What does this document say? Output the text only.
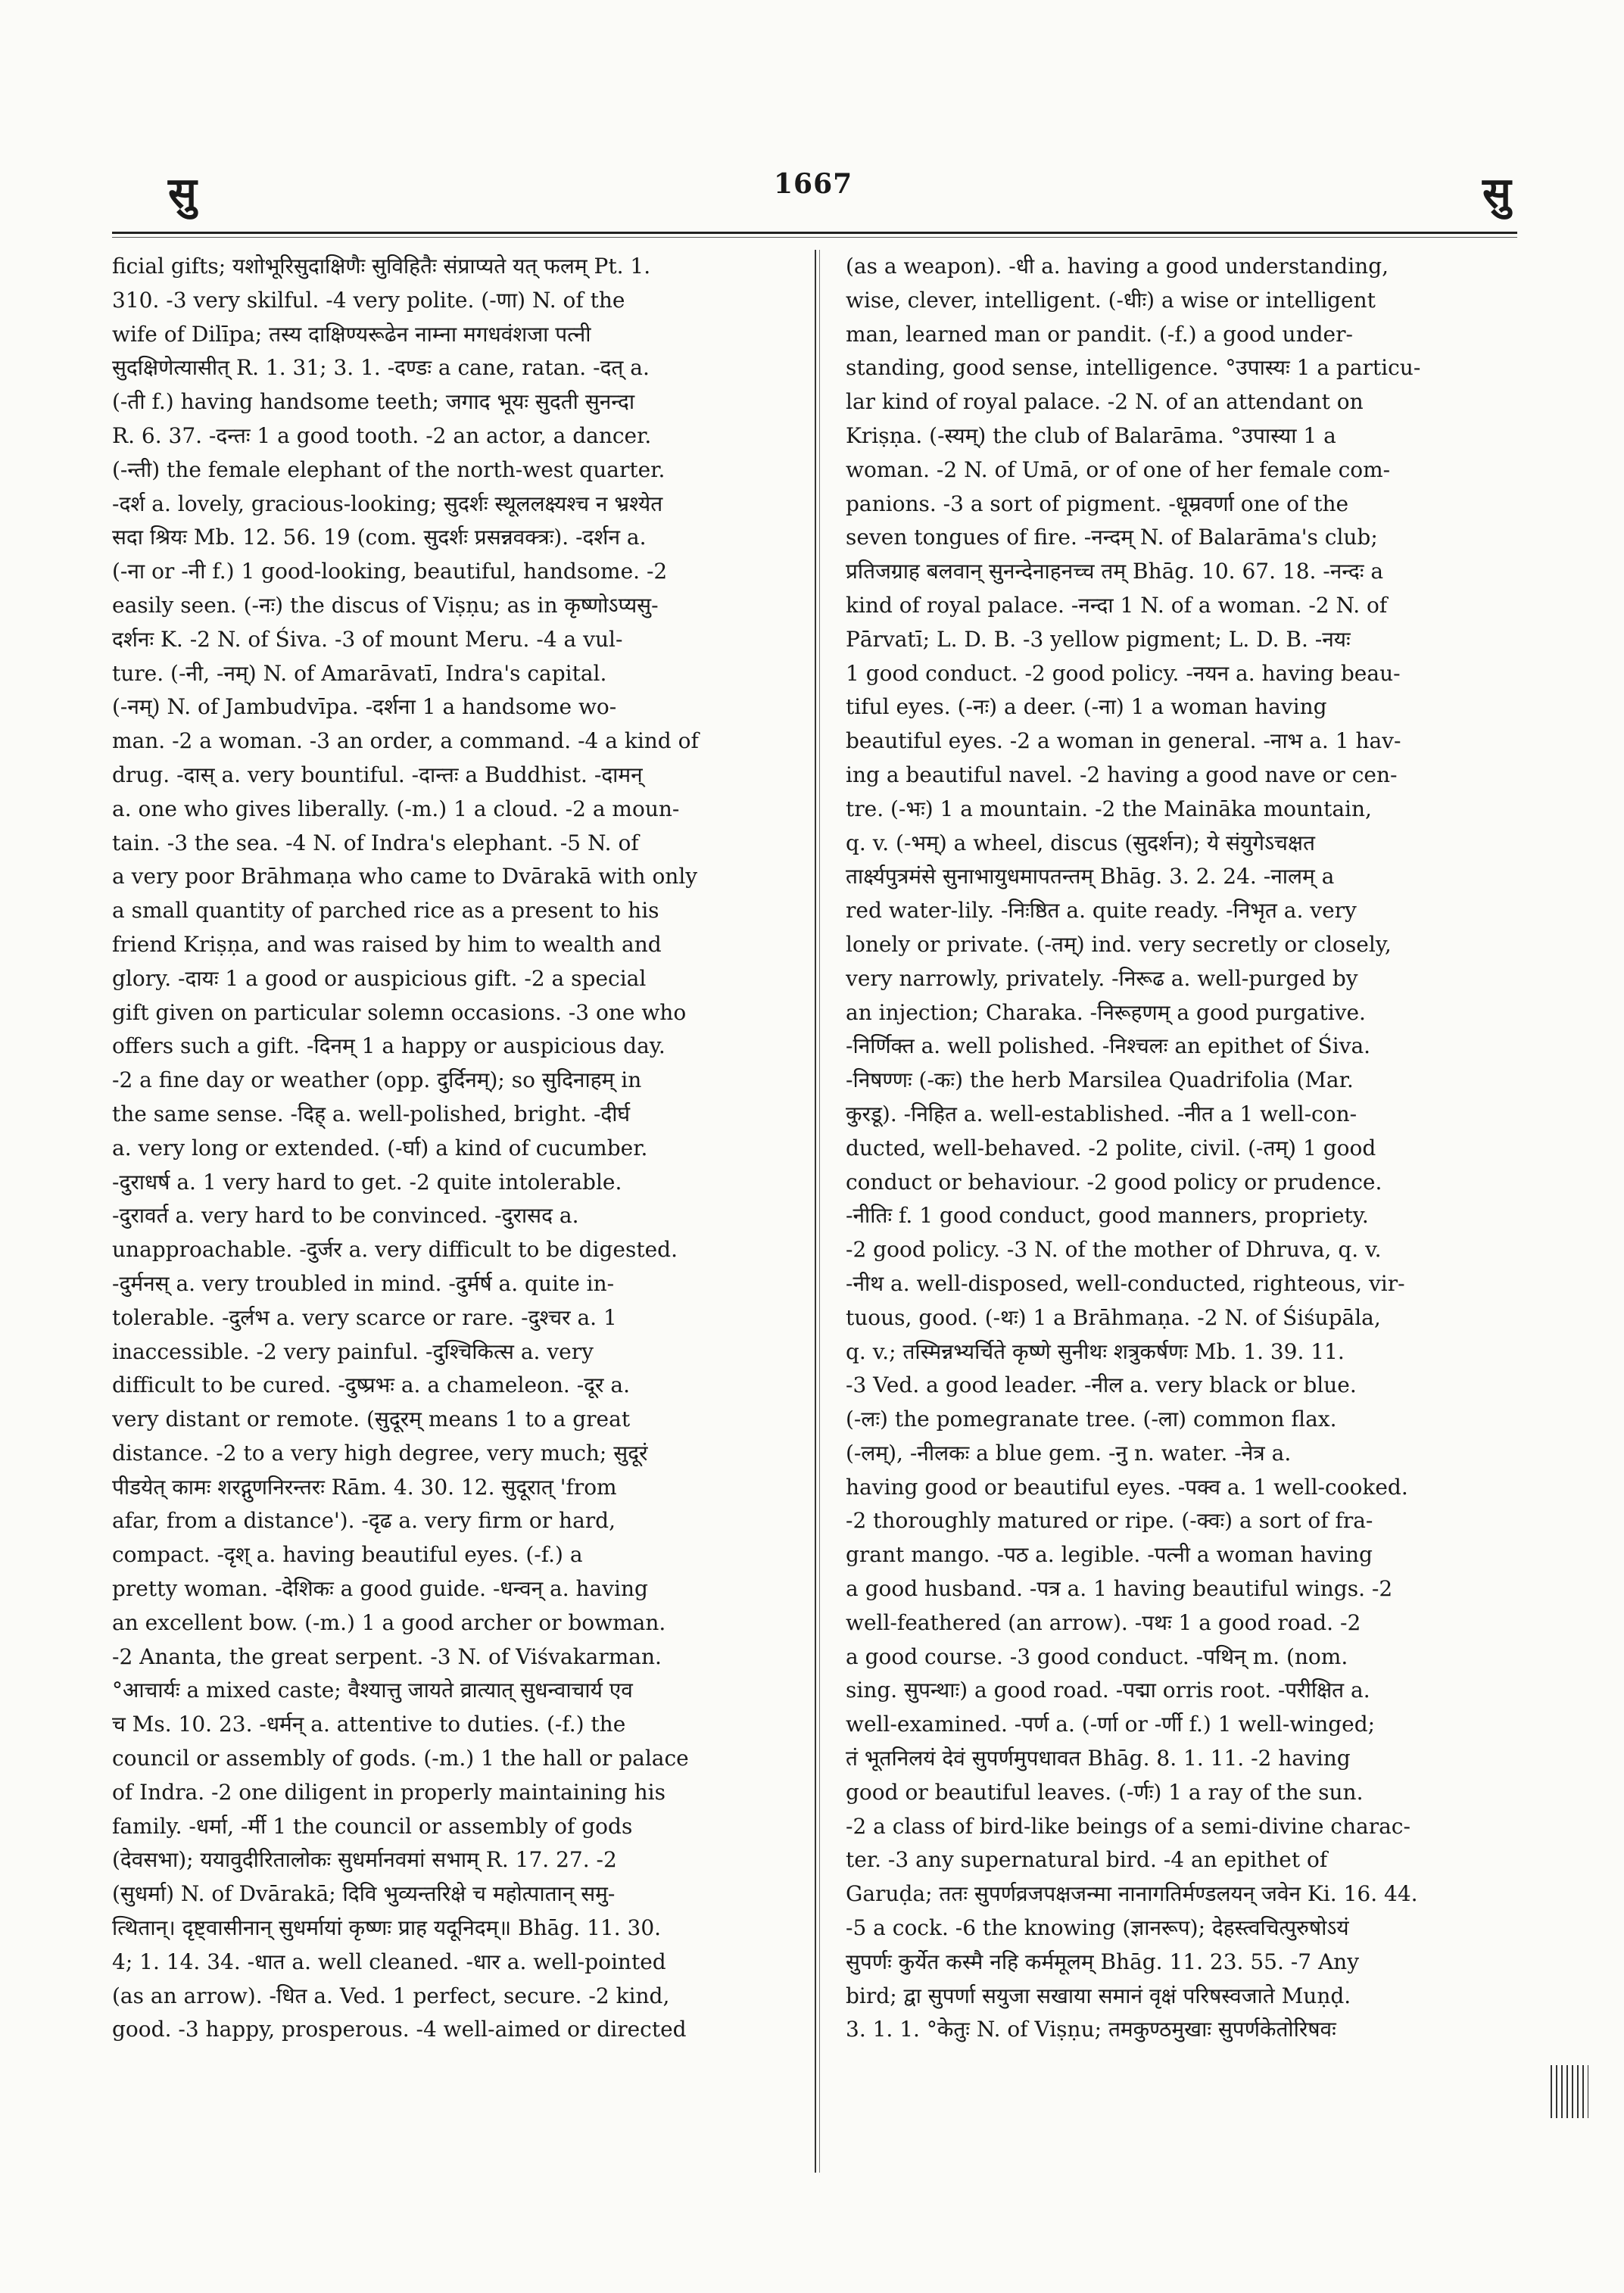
सु	1667	सु
ficial gifts; यशोभूरिसुदाक्षिणैः सुविहितैः संप्राप्यते यत् फलम् Pt. 1.
310. -3 very skilful. -4 very polite. (-णा) N. of the
wife of Dilīpa; तस्य दाक्षिण्यरूढेन नाम्ना मगधवंशजा पत्नी
सुदक्षिणेत्यासीत् R. 1. 31; 3. 1. -दण्डः a cane, ratan. -दत् a.
(-ती f.) having handsome teeth; जगाद भूयः सुदती सुनन्दा
R. 6. 37. -दन्तः 1 a good tooth. -2 an actor, a dancer.
(-न्ती) the female elephant of the north-west quarter.
-दर्श a. lovely, gracious-looking; सुदर्शः स्थूललक्ष्यश्च न भ्रश्येत
सदा श्रियः Mb. 12. 56. 19 (com. सुदर्शः प्रसन्नवक्त्रः). -दर्शन a.
(-ना or -नी f.) 1 good-looking, beautiful, handsome. -2
easily seen. (-नः) the discus of Viṣṇu; as in कृष्णोऽप्यसु-
दर्शनः K. -2 N. of Śiva. -3 of mount Meru. -4 a vul-
ture. (-नी, -नम्) N. of Amarāvatī, Indra's capital.
(-नम्) N. of Jambudvīpa. -दर्शना 1 a handsome wo-
man. -2 a woman. -3 an order, a command. -4 a kind of
drug. -दास् a. very bountiful. -दान्तः a Buddhist. -दामन्
a. one who gives liberally. (-m.) 1 a cloud. -2 a moun-
tain. -3 the sea. -4 N. of Indra's elephant. -5 N. of
a very poor Brāhmaṇa who came to Dvārakā with only
a small quantity of parched rice as a present to his
friend Kriṣṇa, and was raised by him to wealth and
glory. -दायः 1 a good or auspicious gift. -2 a special
gift given on particular solemn occasions. -3 one who
offers such a gift. -दिनम् 1 a happy or auspicious day.
-2 a fine day or weather (opp. दुर्दिनम्); so सुदिनाहम् in
the same sense. -दिह् a. well-polished, bright. -दीर्घ
a. very long or extended. (-र्घा) a kind of cucumber.
-दुराधर्ष a. 1 very hard to get. -2 quite intolerable.
-दुरावर्त a. very hard to be convinced. -दुरासद a.
unapproachable. -दुर्जर a. very difficult to be digested.
-दुर्मनस् a. very troubled in mind. -दुर्मर्ष a. quite in-
tolerable. -दुर्लभ a. very scarce or rare. -दुश्चर a. 1
inaccessible. -2 very painful. -दुश्चिकित्स a. very
difficult to be cured. -दुष्प्रभः a. a chameleon. -दूर a.
very distant or remote. (सुदूरम् means 1 to a great
distance. -2 to a very high degree, very much; सुदूरं
पीडयेत् कामः शरद्गुणनिरन्तरः Rām. 4. 30. 12. सुदूरात् 'from
afar, from a distance'). -दृढ a. very firm or hard,
compact. -दृश् a. having beautiful eyes. (-f.) a
pretty woman. -देशिकः a good guide. -धन्वन् a. having
an excellent bow. (-m.) 1 a good archer or bowman.
-2 Ananta, the great serpent. -3 N. of Viśvakarman.
°आचार्यः a mixed caste; वैश्यात्तु जायते व्रात्यात् सुधन्वाचार्य एव
च Ms. 10. 23. -धर्मन् a. attentive to duties. (-f.) the
council or assembly of gods. (-m.) 1 the hall or palace
of Indra. -2 one diligent in properly maintaining his
family. -धर्मा, -र्मी 1 the council or assembly of gods
(देवसभा); ययावुदीरितालोकः सुधर्मानवमां सभाम् R. 17. 27. -2
(सुधर्मा) N. of Dvārakā; दिवि भुव्यन्तरिक्षे च महोत्पातान् समु-
त्थितान्। दृष्ट्वासीनान् सुधर्मायां कृष्णः प्राह यदूनिदम्॥ Bhāg. 11. 30.
4; 1. 14. 34. -धात a. well cleaned. -धार a. well-pointed
(as an arrow). -धित a. Ved. 1 perfect, secure. -2 kind,
good. -3 happy, prosperous. -4 well-aimed or directed
(as a weapon). -धी a. having a good understanding,
wise, clever, intelligent. (-धीः) a wise or intelligent
man, learned man or pandit. (-f.) a good under-
standing, good sense, intelligence. °उपास्यः 1 a particu-
lar kind of royal palace. -2 N. of an attendant on
Kriṣṇa. (-स्यम्) the club of Balarāma. °उपास्या 1 a
woman. -2 N. of Umā, or of one of her female com-
panions. -3 a sort of pigment. -धूम्रवर्णा one of the
seven tongues of fire. -नन्दम् N. of Balarāma's club;
प्रतिजग्राह बलवान् सुनन्देनाहनच्च तम् Bhāg. 10. 67. 18. -नन्दः a
kind of royal palace. -नन्दा 1 N. of a woman. -2 N. of
Pārvatī; L. D. B. -3 yellow pigment; L. D. B. -नयः
1 good conduct. -2 good policy. -नयन a. having beau-
tiful eyes. (-नः) a deer. (-ना) 1 a woman having
beautiful eyes. -2 a woman in general. -नाभ a. 1 hav-
ing a beautiful navel. -2 having a good nave or cen-
tre. (-भः) 1 a mountain. -2 the Maināka mountain,
q. v. (-भम्) a wheel, discus (सुदर्शन); ये संयुगेऽचक्षत
तार्क्ष्यपुत्रमंसे सुनाभायुधमापतन्तम् Bhāg. 3. 2. 24. -नालम् a
red water-lily. -निःष्ठित a. quite ready. -निभृत a. very
lonely or private. (-तम्) ind. very secretly or closely,
very narrowly, privately. -निरूढ a. well-purged by
an injection; Charaka. -निरूहणम् a good purgative.
-निर्णिक्त a. well polished. -निश्चलः an epithet of Śiva.
-निषण्णः (-कः) the herb Marsilea Quadrifolia (Mar.
कुरडू). -निहित a. well-established. -नीत a 1 well-con-
ducted, well-behaved. -2 polite, civil. (-तम्) 1 good
conduct or behaviour. -2 good policy or prudence.
-नीतिः f. 1 good conduct, good manners, propriety.
-2 good policy. -3 N. of the mother of Dhruva, q. v.
-नीथ a. well-disposed, well-conducted, righteous, vir-
tuous, good. (-थः) 1 a Brāhmaṇa. -2 N. of Śiśupāla,
q. v.; तस्मिन्नभ्यर्चिते कृष्णे सुनीथः शत्रुकर्षणः Mb. 1. 39. 11.
-3 Ved. a good leader. -नील a. very black or blue.
(-लः) the pomegranate tree. (-ला) common flax.
(-लम्), -नीलकः a blue gem. -नु n. water. -नेत्र a.
having good or beautiful eyes. -पक्व a. 1 well-cooked.
-2 thoroughly matured or ripe. (-क्वः) a sort of fra-
grant mango. -पठ a. legible. -पत्नी a woman having
a good husband. -पत्र a. 1 having beautiful wings. -2
well-feathered (an arrow). -पथः 1 a good road. -2
a good course. -3 good conduct. -पथिन् m. (nom.
sing. सुपन्थाः) a good road. -पद्मा orris root. -परीक्षित a.
well-examined. -पर्ण a. (-र्णा or -र्णी f.) 1 well-winged;
तं भूतनिलयं देवं सुपर्णमुपधावत Bhāg. 8. 1. 11. -2 having
good or beautiful leaves. (-र्णः) 1 a ray of the sun.
-2 a class of bird-like beings of a semi-divine charac-
ter. -3 any supernatural bird. -4 an epithet of
Garuḍa; ततः सुपर्णव्रजपक्षजन्मा नानागतिर्मण्डलयन् जवेन Ki. 16. 44.
-5 a cock. -6 the knowing (ज्ञानरूप); देहस्त्वचित्पुरुषोऽयं
सुपर्णः कुर्येत कस्मै नहि कर्ममूलम् Bhāg. 11. 23. 55. -7 Any
bird; द्वा सुपर्णा सयुजा सखाया समानं वृक्षं परिषस्वजाते Muṇḍ.
3. 1. 1. °केतुः N. of Viṣṇu; तमकुण्ठमुखाः सुपर्णकेतोरिषवः
